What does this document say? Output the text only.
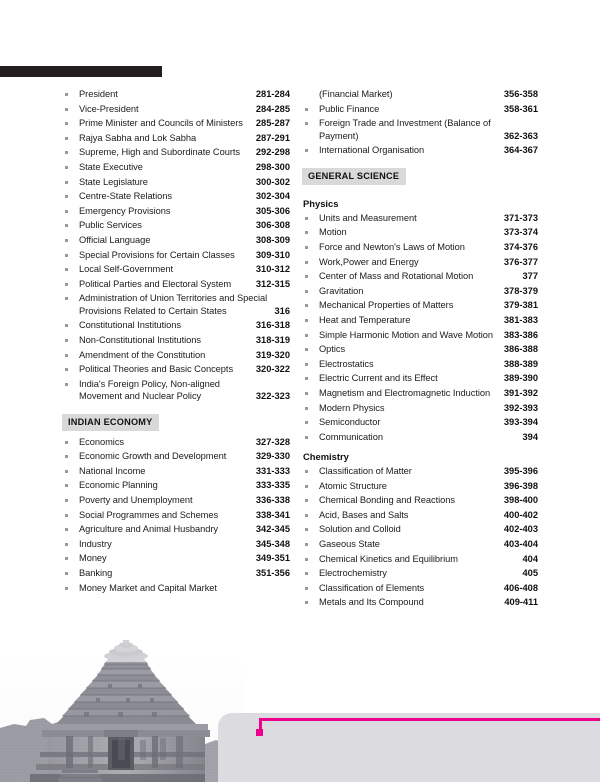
President	281-284
Vice-President	284-285
Prime Minister and Councils of Ministers	285-287
Rajya Sabha and Lok Sabha	287-291
Supreme, High and Subordinate Courts	292-298
State Executive	298-300
State Legislature	300-302
Centre-State Relations	302-304
Emergency Provisions	305-306
Public Services	306-308
Official Language	308-309
Special Provisions for Certain Classes	309-310
Local Self-Government	310-312
Political Parties and Electoral System	312-315
Administration of Union Territories and Special Provisions Related to Certain States	316
Constitutional Institutions	316-318
Non-Constitutional Institutions	318-319
Amendment of the Constitution	319-320
Political Theories and Basic Concepts	320-322
India's Foreign Policy, Non-aligned Movement and Nuclear Policy	322-323
INDIAN ECONOMY
Economics	327-328
Economic Growth and Development	329-330
National Income	331-333
Economic Planning	333-335
Poverty and Unemployment	336-338
Social Programmes and Schemes	338-341
Agriculture and Animal Husbandry	342-345
Industry	345-348
Money	349-351
Banking	351-356
Money Market and Capital Market
(Financial Market)	356-358
Public Finance	358-361
Foreign Trade and Investment (Balance of Payment)	362-363
International Organisation	364-367
GENERAL SCIENCE
Physics
Units and Measurement	371-373
Motion	373-374
Force and Newton's Laws of Motion	374-376
Work,Power and Energy	376-377
Center of Mass and Rotational Motion	377
Gravitation	378-379
Mechanical Properties of Matters	379-381
Heat and Temperature	381-383
Simple Harmonic Motion and Wave Motion	383-386
Optics	386-388
Electrostatics	388-389
Electric Current and its Effect	389-390
Magnetism and Electromagnetic Induction	391-392
Modern Physics	392-393
Semiconductor	393-394
Communication	394
Chemistry
Classification of Matter	395-396
Atomic Structure	396-398
Chemical Bonding and Reactions	398-400
Acid, Bases and Salts	400-402
Solution and Colloid	402-403
Gaseous State	403-404
Chemical Kinetics and Equilibrium	404
Electrochemistry	405
Classification of Elements	406-408
Metals and Its Compound	409-411
